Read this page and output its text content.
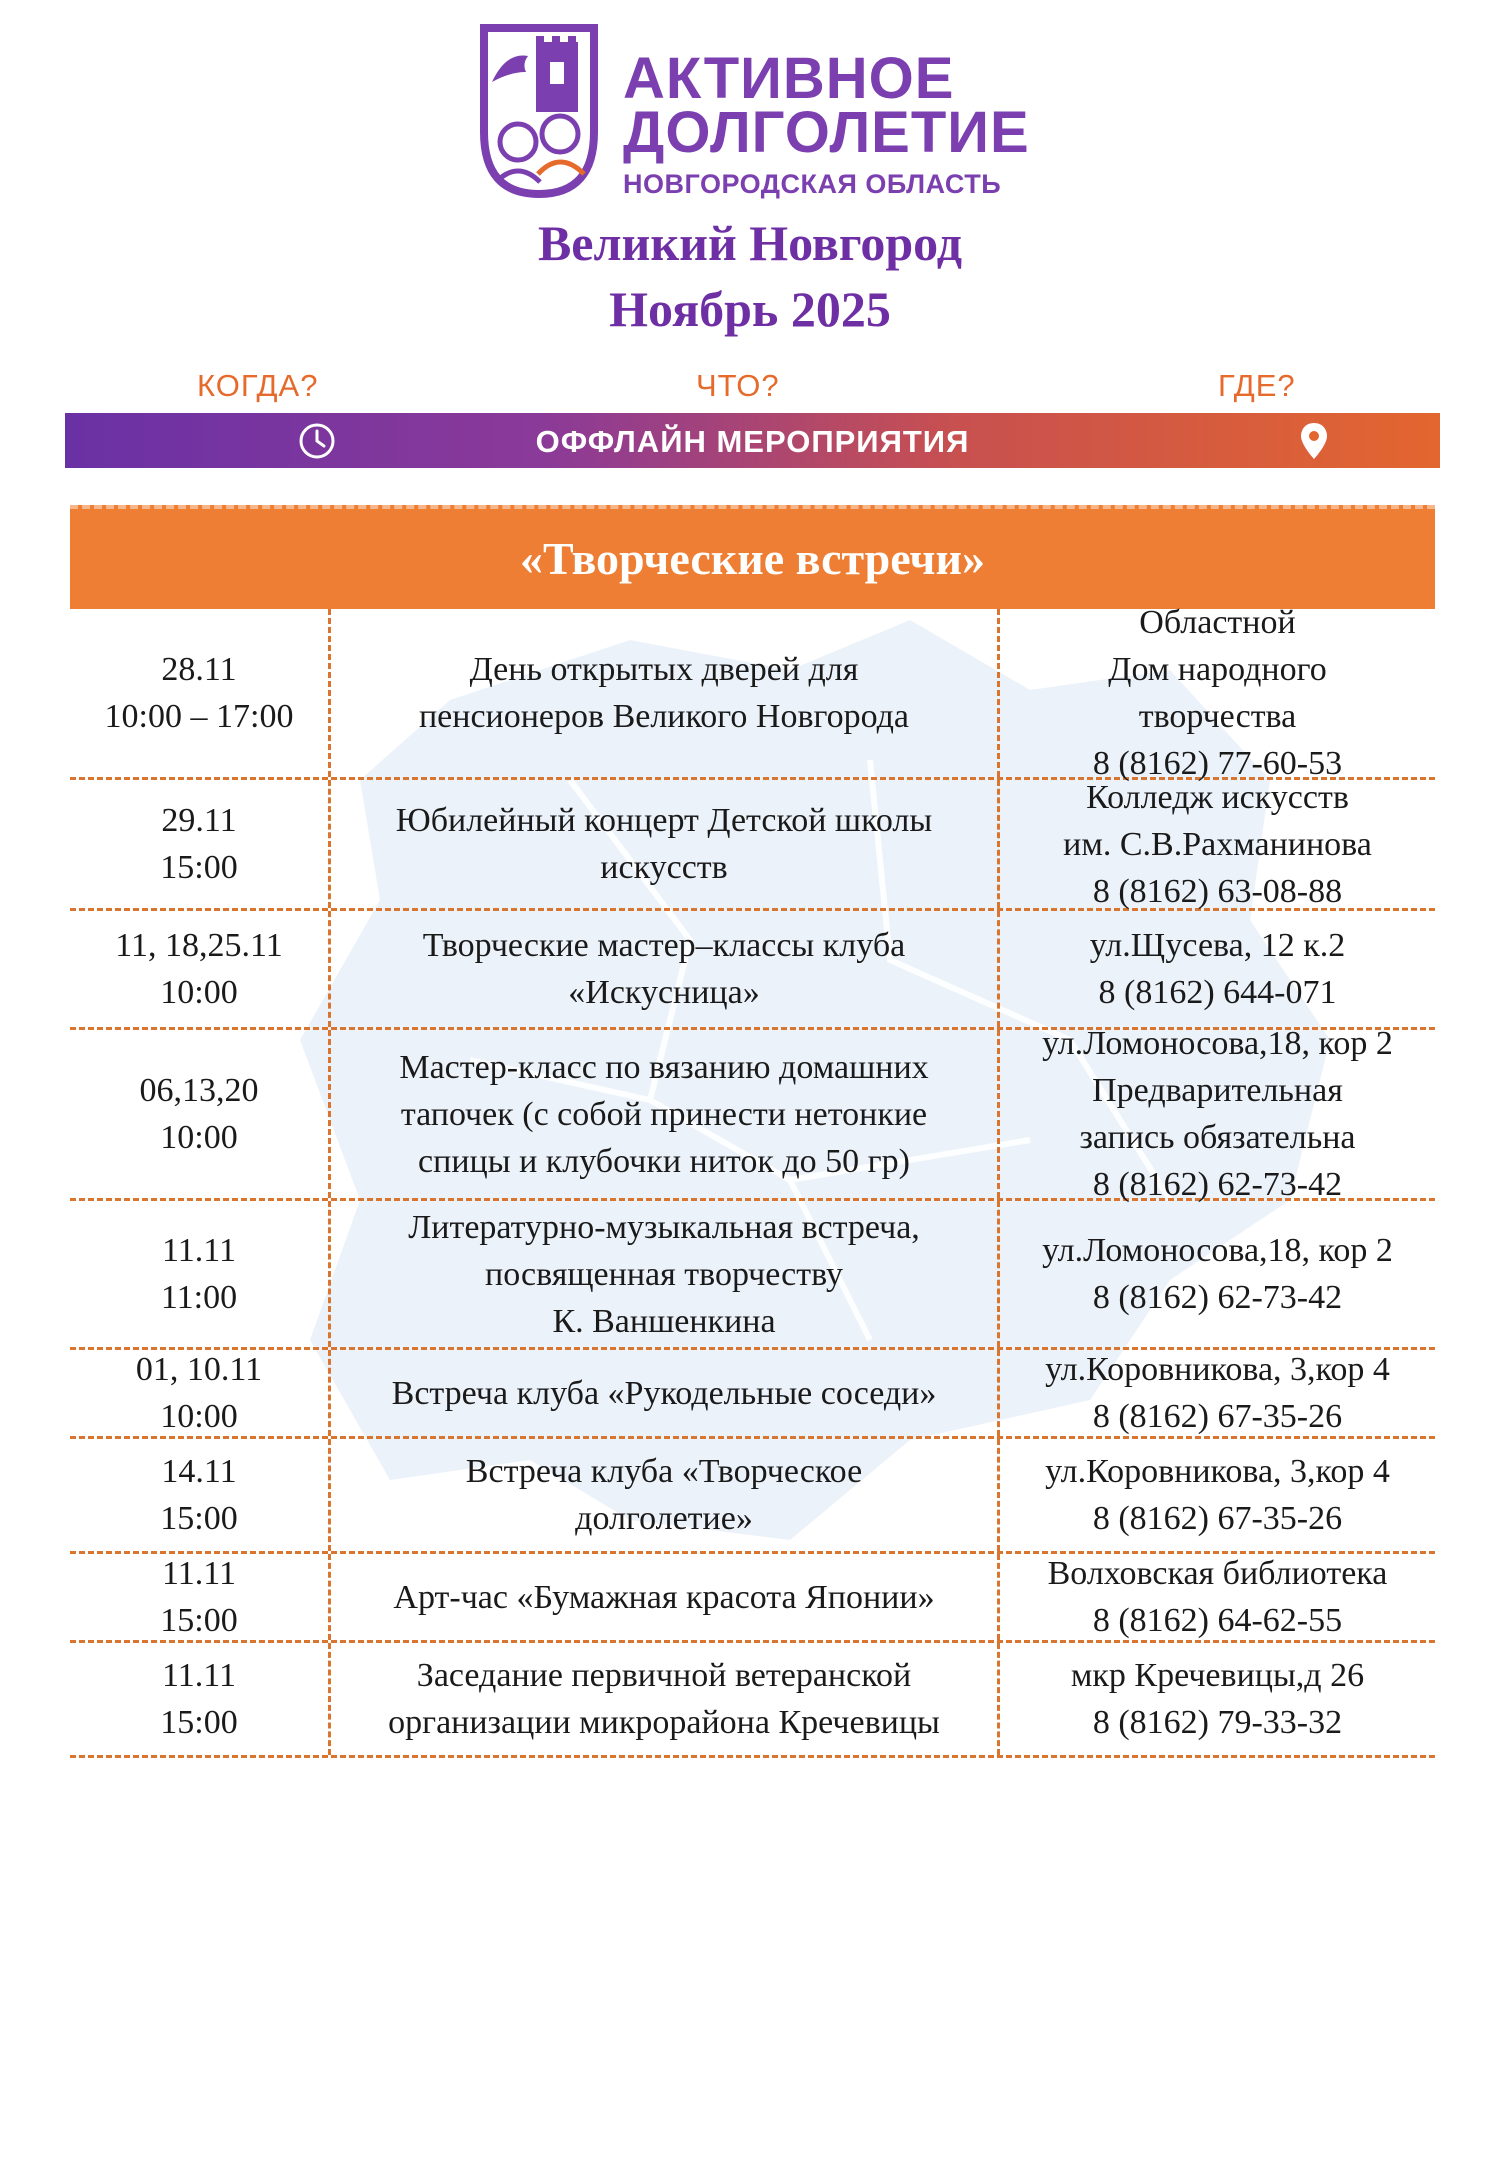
АКТИВНОЕ
ДОЛГОЛЕТИЕ
НОВГОРОДСКАЯ ОБЛАСТЬ
Великий Новгород
Ноябрь 2025
КОГДА?	ЧТО?	ГДЕ?
ОФФЛАЙН МЕРОПРИЯТИЯ
«Творческие встречи»
28.11
10:00 – 17:00
День открытых дверей для
пенсионеров Великого Новгорода
Областной
Дом народного
творчества
8 (8162) 77-60-53
29.11
15:00
Юбилейный концерт Детской школы
искусств
Колледж искусств
им. С.В.Рахманинова
8 (8162) 63-08-88
11, 18,25.11
10:00
Творческие мастер–классы клуба
«Искусница»
ул.Щусева, 12 к.2
8 (8162) 644-071
06,13,20
10:00
Мастер-класс по вязанию домашних
тапочек (с собой принести нетонкие
спицы и клубочки ниток до 50 гр)
ул.Ломоносова,18, кор 2
Предварительная
запись обязательна
8 (8162) 62-73-42
11.11
11:00
Литературно-музыкальная встреча,
посвященная творчеству
К. Ваншенкина
ул.Ломоносова,18, кор 2
8 (8162) 62-73-42
01, 10.11
10:00
Встреча клуба «Рукодельные соседи»
ул.Коровникова, 3,кор 4
8 (8162) 67-35-26
14.11
15:00
Встреча клуба «Творческое
долголетие»
ул.Коровникова, 3,кор 4
8 (8162) 67-35-26
11.11
15:00
Арт-час «Бумажная красота Японии»
Волховская библиотека
8 (8162) 64-62-55
11.11
15:00
Заседание первичной ветеранской
организации микрорайона Кречевицы
мкр Кречевицы,д 26
8 (8162) 79-33-32
